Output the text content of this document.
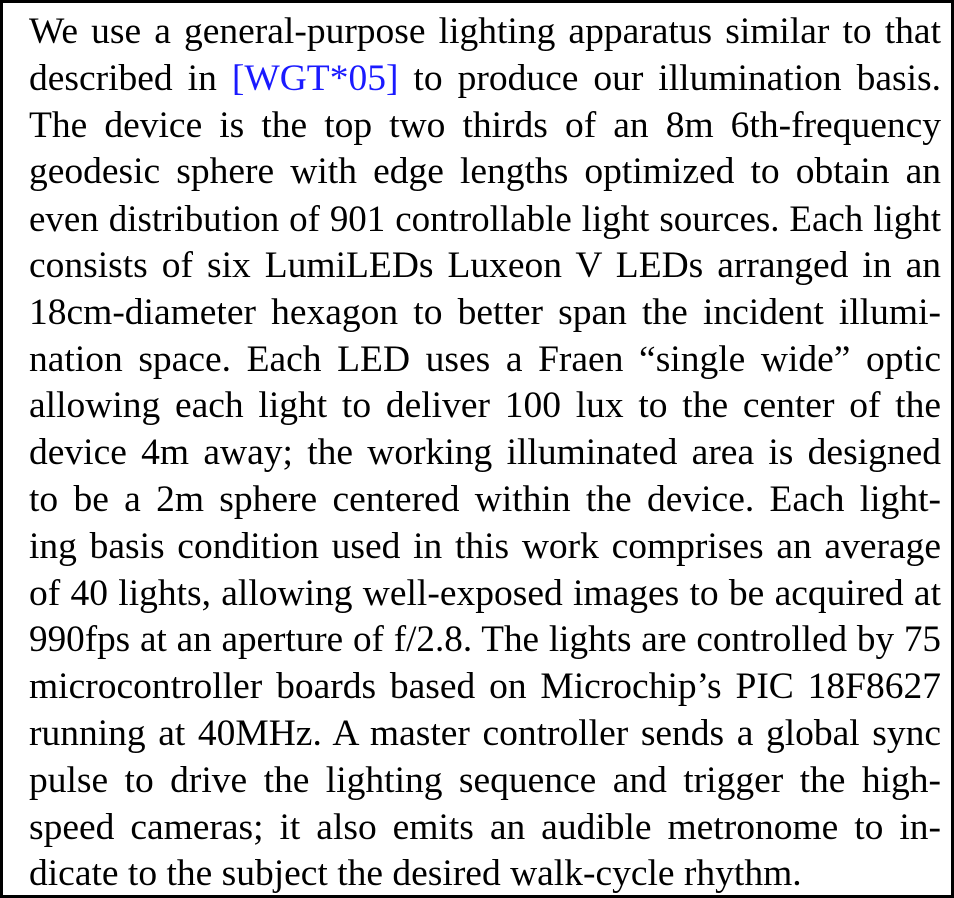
We use a general-purpose lighting apparatus similar to that
described in [WGT*05] to produce our illumination basis.
The device is the top two thirds of an 8m 6th-frequency
geodesic sphere with edge lengths optimized to obtain an
even distribution of 901 controllable light sources. Each light
consists of six LumiLEDs Luxeon V LEDs arranged in an
18cm-diameter hexagon to better span the incident illumi-
nation space. Each LED uses a Fraen “single wide” optic
allowing each light to deliver 100 lux to the center of the
device 4m away; the working illuminated area is designed
to be a 2m sphere centered within the device. Each light-
ing basis condition used in this work comprises an average
of 40 lights, allowing well-exposed images to be acquired at
990fps at an aperture of f/2.8. The lights are controlled by 75
microcontroller boards based on Microchip’s PIC 18F8627
running at 40MHz. A master controller sends a global sync
pulse to drive the lighting sequence and trigger the high-
speed cameras; it also emits an audible metronome to in-
dicate to the subject the desired walk-cycle rhythm.
